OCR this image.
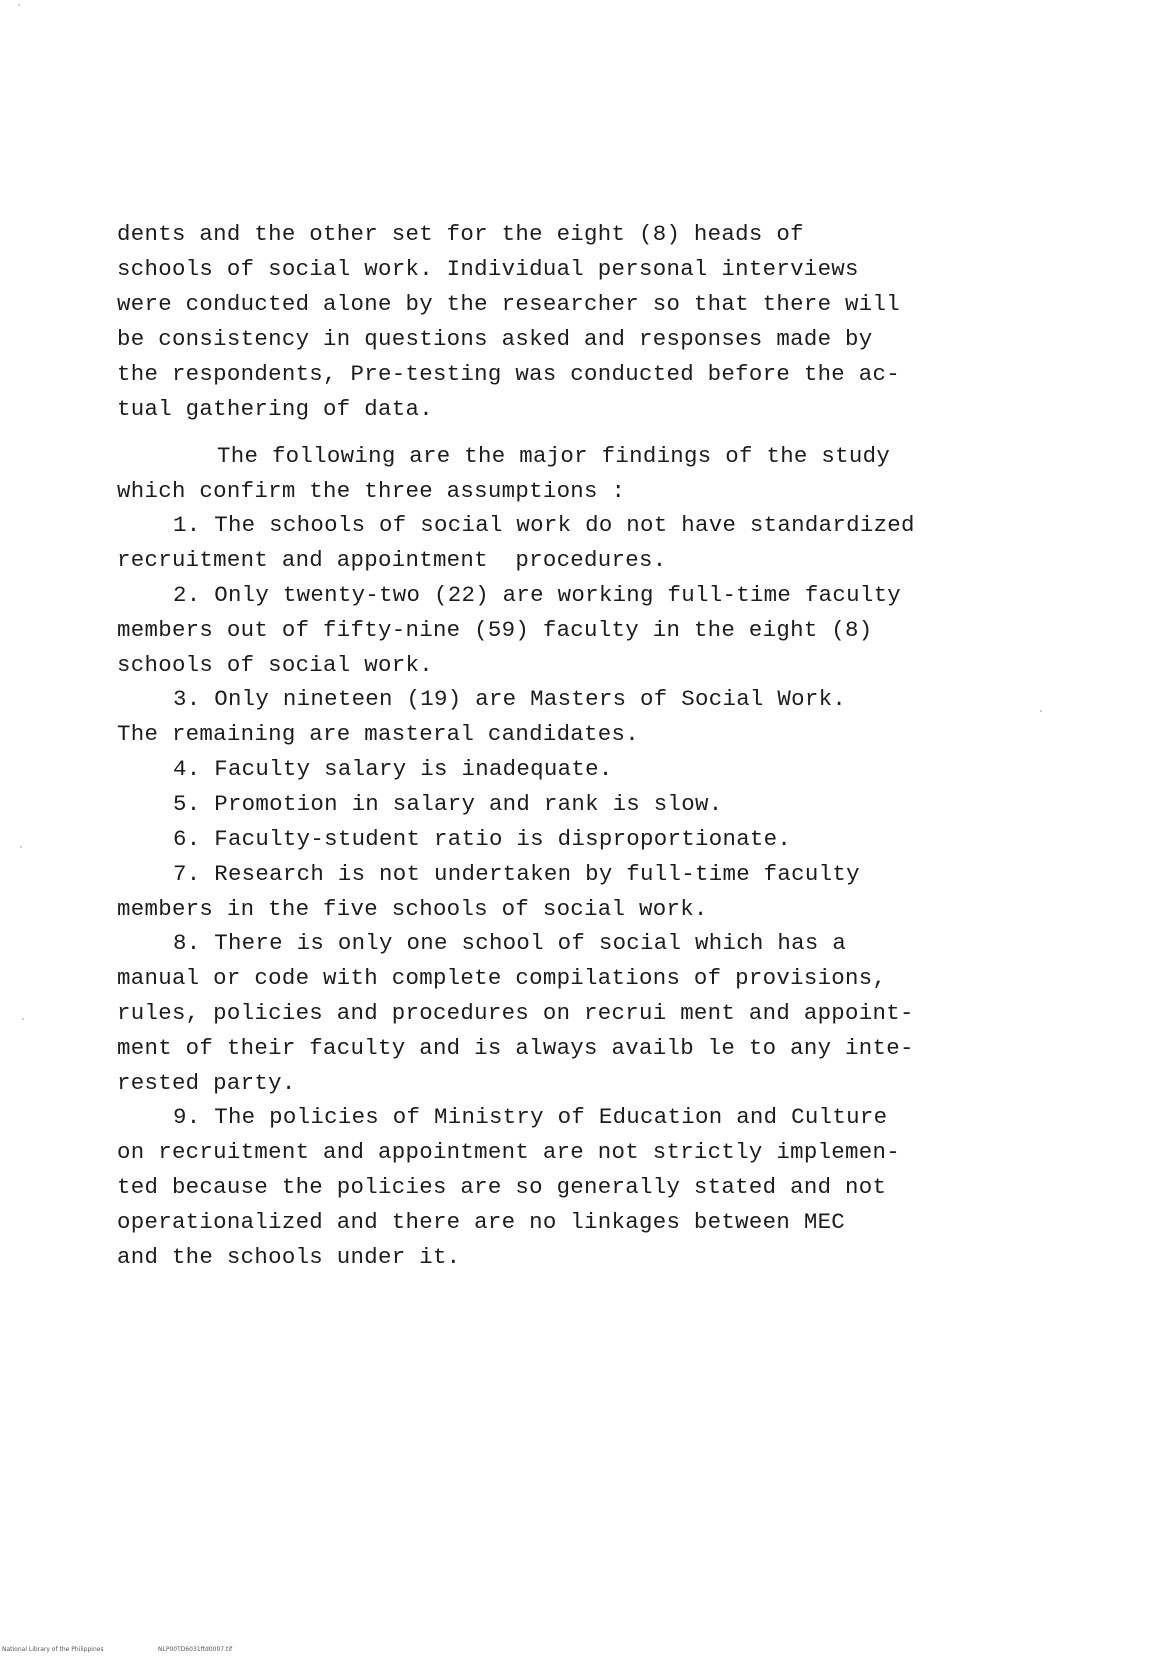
dents and the other set for the eight (8) heads of
schools of social work. Individual personal interviews
were conducted alone by the researcher so that there will
be consistency in questions asked and responses made by
the respondents, Pre-testing was conducted before the ac-
tual gathering of data.
The following are the major findings of the study
which confirm the three assumptions :
1. The schools of social work do not have standardized
recruitment and appointment  procedures.
2. Only twenty-two (22) are working full-time faculty
members out of fifty-nine (59) faculty in the eight (8)
schools of social work.
3. Only nineteen (19) are Masters of Social Work.
The remaining are masteral candidates.
4. Faculty salary is inadequate.
5. Promotion in salary and rank is slow.
6. Faculty-student ratio is disproportionate.
7. Research is not undertaken by full-time faculty
members in the five schools of social work.
8. There is only one school of social which has a
manual or code with complete compilations of provisions,
rules, policies and procedures on recrui ment and appoint-
ment of their faculty and is always availb le to any inte-
rested party.
9. The policies of Ministry of Education and Culture
on recruitment and appointment are not strictly implemen-
ted because the policies are so generally stated and not
operationalized and there are no linkages between MEC
and the schools under it.
National Library of the Philippines	NLP00TD6031ftd0007.tif
